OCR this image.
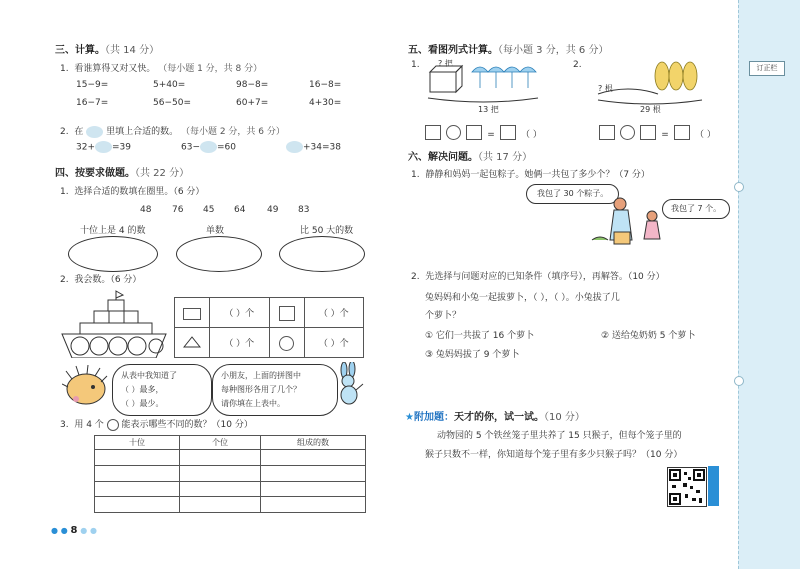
三、计算。（共 14 分）
1. 看谁算得又对又快。 （每小题 1 分，共 8 分）
15−9=	5+40=	98−8=	16−8=
16−7=	56−50=	60+7=	4+30=
2. 在	里填上合适的数。 （每小题 2 分，共 6 分）
32+ =39	63− =60	+34=38
四、按要求做题。（共 22 分）
1. 选择合适的数填在圈里。（6 分）
48 76 45 64 49 83
十位上是 4 的数	单数	比 50 大的数
2. 我会数。（6 分）
	（ ）个		（ ）个
	（ ）个		（ ）个
从表中我知道了
（ ）最多，
（ ）最少。
小朋友，上面的拼图中
每种图形各用了几个？
请你填在上表中。
3. 用 4 个 能表示哪些不同的数？（10 分）
十位	个位	组成的数

● ● 8 ● ●
五、看图列式计算。（每小题 3 分，共 6 分）
1. ? 把
13 把
2.
? 根
29 根
=	（ ）	=	（ ）
六、解决问题。（共 17 分）
1. 静静和妈妈一起包粽子。她俩一共包了多少个？（7 分）
我包了 30 个粽子。
我包了 7 个。
2. 先选择与问题对应的已知条件（填序号），再解答。（10 分）
兔妈妈和小兔一起拔萝卜，（ ），（ ）。小兔拔了几
个萝卜？
① 它们一共拔了 16 个萝卜	② 送给兔奶奶 5 个萝卜
③ 兔妈妈拔了 9 个萝卜
★附加题：天才的你，试一试。（10 分）
动物园的 5 个铁丝笼子里共养了 15 只猴子，但每个笼子里的
猴子只数不一样，你知道每个笼子里有多少只猴子吗？（10 分）
订正栏
